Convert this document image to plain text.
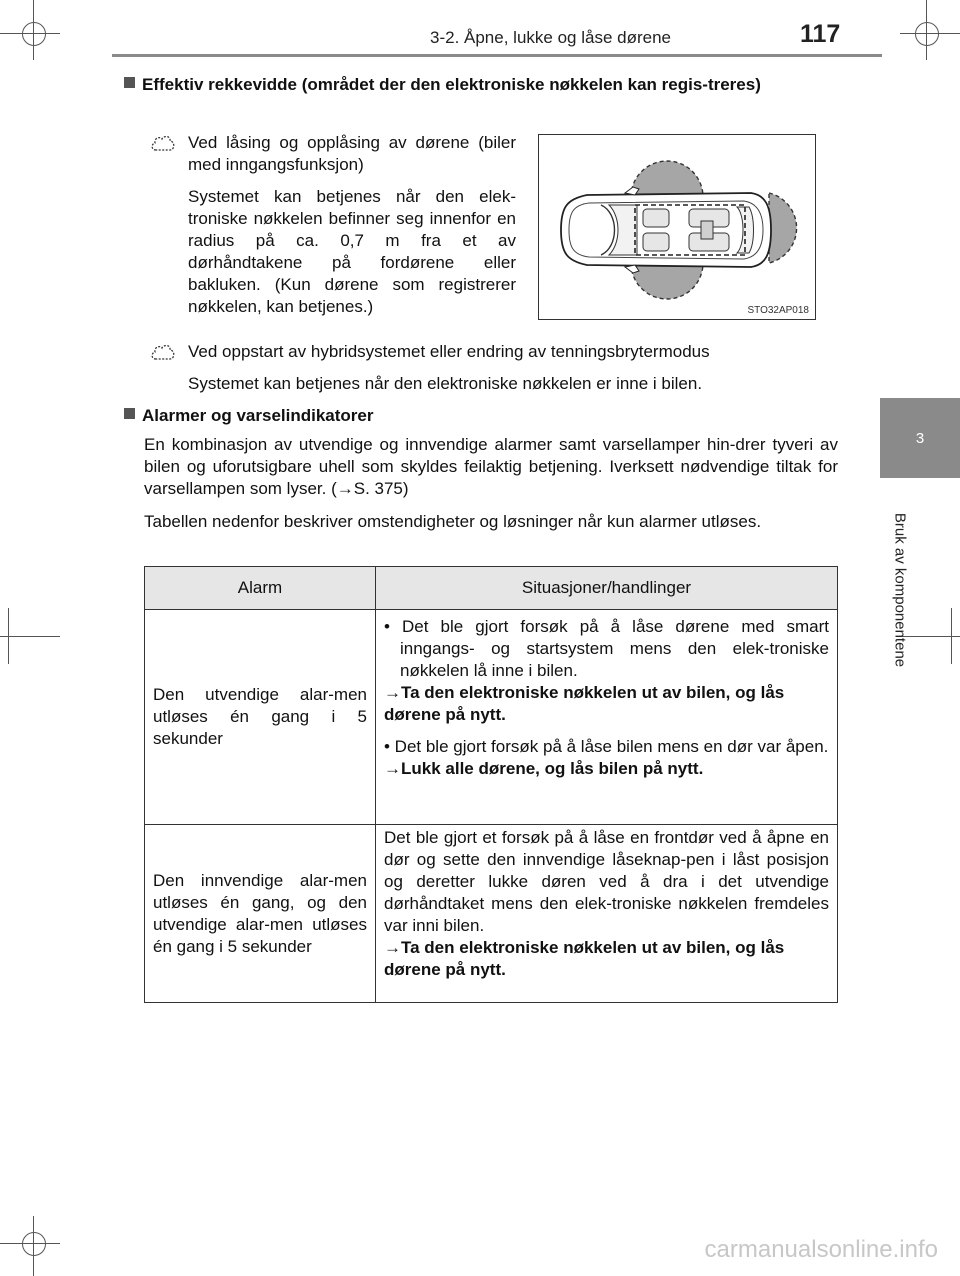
3-2. Åpne, lukke og låse dørene	117
3
Bruk av komponentene
Effektiv rekkevidde (området der den elektroniske nøkkelen kan regis-treres)
Ved låsing og opplåsing av dørene (biler med inngangsfunksjon)
Systemet kan betjenes når den elek-troniske nøkkelen befinner seg innenfor en radius på ca. 0,7 m fra et av dørhåndtakene på fordørene eller bakluken. (Kun dørene som registrerer nøkkelen, kan betjenes.)	STO32AP018
Ved oppstart av hybridsystemet eller endring av tenningsbrytermodus
Systemet kan betjenes når den elektroniske nøkkelen er inne i bilen.
Alarmer og varselindikatorer
En kombinasjon av utvendige og innvendige alarmer samt varsellamper hin-drer tyveri av bilen og uforutsigbare uhell som skyldes feilaktig betjening. Iverksett nødvendige tiltak for varsellampen som lyser. (→S. 375)
Tabellen nedenfor beskriver omstendigheter og løsninger når kun alarmer utløses.
Alarm	Situasjoner/handlinger
Den utvendige alar-men utløses én gang i 5 sekunder	• Det ble gjort forsøk på å låse dørene med smart inngangs- og startsystem mens den elek-troniske nøkkelen lå inne i bilen.

→Ta den elektroniske nøkkelen ut av bilen, og lås dørene på nytt.

• Det ble gjort forsøk på å låse bilen mens en dør var åpen.

→Lukk alle dørene, og lås bilen på nytt.

Den innvendige alar-men utløses én gang, og den utvendige alar-men utløses én gang i 5 sekunder	Det ble gjort et forsøk på å låse en frontdør ved å åpne en dør og sette den innvendige låseknap-pen i låst posisjon og deretter lukke døren ved å dra i det utvendige dørhåndtaket mens den elek-troniske nøkkelen fremdeles var inni bilen.

→Ta den elektroniske nøkkelen ut av bilen, og lås dørene på nytt.

carmanualsonline.info
